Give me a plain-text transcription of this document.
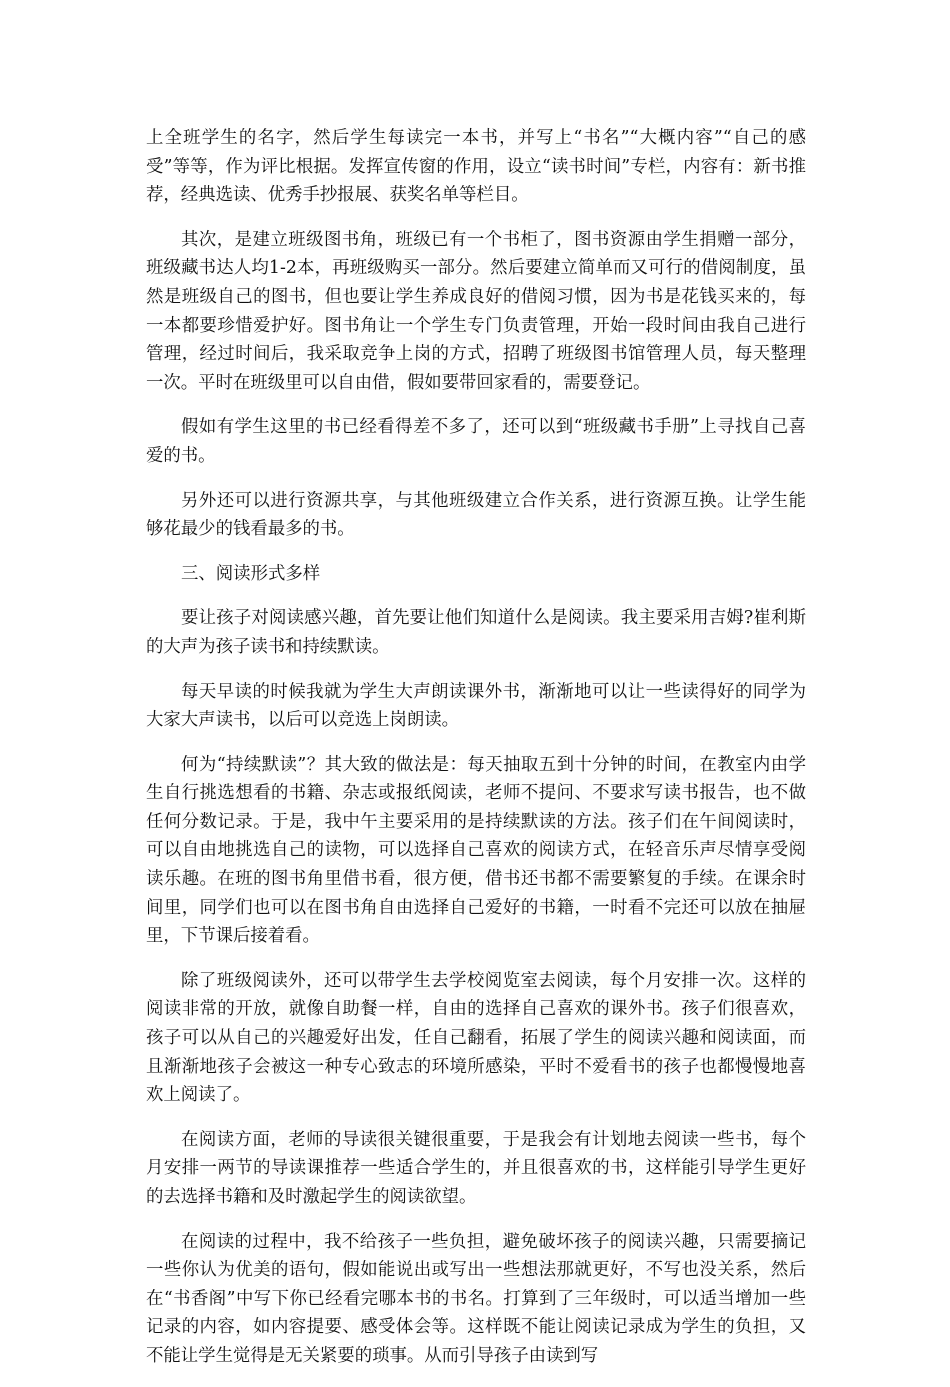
上全班学生的名字，然后学生每读完一本书，并写上“书名”“大概内容”“自己的感受”等等，作为评比根据。发挥宣传窗的作用，设立“读书时间”专栏，内容有：新书推荐，经典选读、优秀手抄报展、获奖名单等栏目。

其次，是建立班级图书角，班级已有一个书柜了，图书资源由学生捐赠一部分，班级藏书达人均1-2本，再班级购买一部分。然后要建立简单而又可行的借阅制度，虽然是班级自己的图书，但也要让学生养成良好的借阅习惯，因为书是花钱买来的，每一本都要珍惜爱护好。图书角让一个学生专门负责管理，开始一段时间由我自己进行管理，经过时间后，我采取竞争上岗的方式，招聘了班级图书馆管理人员，每天整理一次。平时在班级里可以自由借，假如要带回家看的，需要登记。

假如有学生这里的书已经看得差不多了，还可以到“班级藏书手册”上寻找自己喜爱的书。

另外还可以进行资源共享，与其他班级建立合作关系，进行资源互换。让学生能够花最少的钱看最多的书。

三、阅读形式多样

要让孩子对阅读感兴趣，首先要让他们知道什么是阅读。我主要采用吉姆?崔利斯的大声为孩子读书和持续默读。

每天早读的时候我就为学生大声朗读课外书，渐渐地可以让一些读得好的同学为大家大声读书，以后可以竞选上岗朗读。

何为“持续默读”？其大致的做法是：每天抽取五到十分钟的时间，在教室内由学生自行挑选想看的书籍、杂志或报纸阅读，老师不提问、不要求写读书报告，也不做任何分数记录。于是，我中午主要采用的是持续默读的方法。孩子们在午间阅读时，可以自由地挑选自己的读物，可以选择自己喜欢的阅读方式，在轻音乐声尽情享受阅读乐趣。在班的图书角里借书看，很方便，借书还书都不需要繁复的手续。在课余时间里，同学们也可以在图书角自由选择自己爱好的书籍，一时看不完还可以放在抽屉里，下节课后接着看。

除了班级阅读外，还可以带学生去学校阅览室去阅读，每个月安排一次。这样的阅读非常的开放，就像自助餐一样，自由的选择自己喜欢的课外书。孩子们很喜欢，孩子可以从自己的兴趣爱好出发，任自己翻看，拓展了学生的阅读兴趣和阅读面，而且渐渐地孩子会被这一种专心致志的环境所感染，平时不爱看书的孩子也都慢慢地喜欢上阅读了。

在阅读方面，老师的导读很关键很重要，于是我会有计划地去阅读一些书，每个月安排一两节的导读课推荐一些适合学生的，并且很喜欢的书，这样能引导学生更好的去选择书籍和及时激起学生的阅读欲望。

在阅读的过程中，我不给孩子一些负担，避免破坏孩子的阅读兴趣，只需要摘记一些你认为优美的语句，假如能说出或写出一些想法那就更好，不写也没关系，然后在“书香阁”中写下你已经看完哪本书的书名。打算到了三年级时，可以适当增加一些记录的内容，如内容提要、感受体会等。这样既不能让阅读记录成为学生的负担，又不能让学生觉得是无关紧要的琐事。从而引导孩子由读到写
